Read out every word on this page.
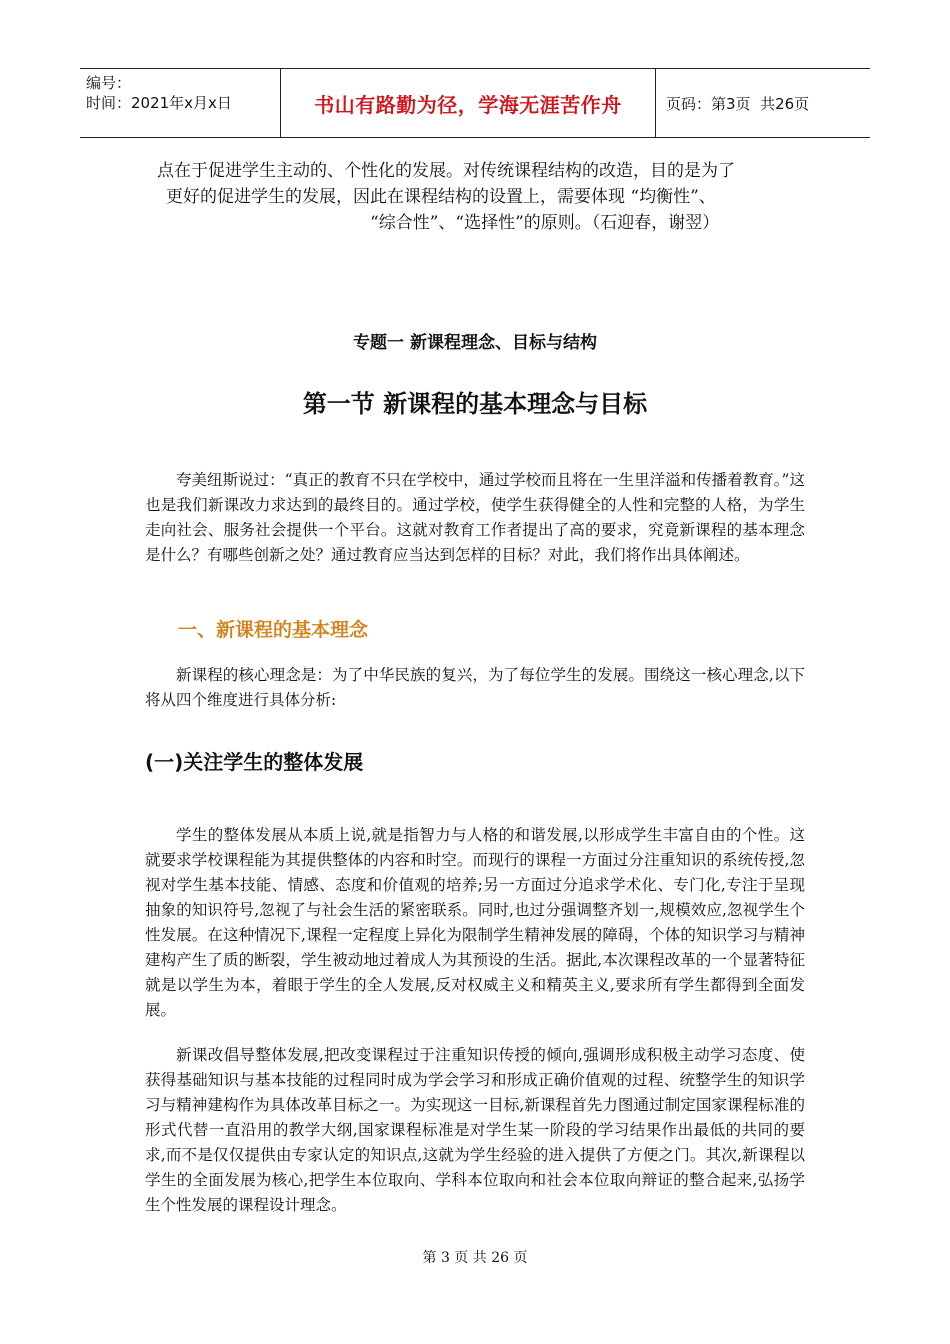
编号：
时间：2021年x月x日	书山有路勤为径，学海无涯苦作舟	页码：第3页  共26页
点在于促进学生主动的、个性化的发展。对传统课程结构的改造，目的是为了
更好的促进学生的发展，因此在课程结构的设置上，需要体现 “均衡性”、
“综合性”、“选择性”的原则。（石迎春，谢翌）
专题一 新课程理念、目标与结构
第一节 新课程的基本理念与目标

夸美纽斯说过：“真正的教育不只在学校中，通过学校而且将在一生里洋溢和传播着教育。”这也是我们新课改力求达到的最终目的。通过学校，使学生获得健全的人性和完整的人格，为学生走向社会、服务社会提供一个平台。这就对教育工作者提出了高的要求，究竟新课程的基本理念是什么？有哪些创新之处？通过教育应当达到怎样的目标？对此，我们将作出具体阐述。

一、新课程的基本理念

新课程的核心理念是：为了中华民族的复兴，为了每位学生的发展。围绕这一核心理念,以下将从四个维度进行具体分析:

(一)关注学生的整体发展

学生的整体发展从本质上说,就是指智力与人格的和谐发展,以形成学生丰富自由的个性。这就要求学校课程能为其提供整体的内容和时空。而现行的课程一方面过分注重知识的系统传授,忽视对学生基本技能、情感、态度和价值观的培养;另一方面过分追求学术化、专门化,专注于呈现抽象的知识符号,忽视了与社会生活的紧密联系。同时,也过分强调整齐划一,规模效应,忽视学生个性发展。在这种情况下,课程一定程度上异化为限制学生精神发展的障碍，个体的知识学习与精神建构产生了质的断裂，学生被动地过着成人为其预设的生活。据此,本次课程改革的一个显著特征就是以学生为本，着眼于学生的全人发展,反对权威主义和精英主义,要求所有学生都得到全面发展。

新课改倡导整体发展,把改变课程过于注重知识传授的倾向,强调形成积极主动学习态度、使获得基础知识与基本技能的过程同时成为学会学习和形成正确价值观的过程、统整学生的知识学习与精神建构作为具体改革目标之一。为实现这一目标,新课程首先力图通过制定国家课程标准的形式代替一直沿用的教学大纲,国家课程标准是对学生某一阶段的学习结果作出最低的共同的要求,而不是仅仅提供由专家认定的知识点,这就为学生经验的进入提供了方便之门。其次,新课程以学生的全面发展为核心,把学生本位取向、学科本位取向和社会本位取向辩证的整合起来,弘扬学生个性发展的课程设计理念。

第 3 页 共 26 页
